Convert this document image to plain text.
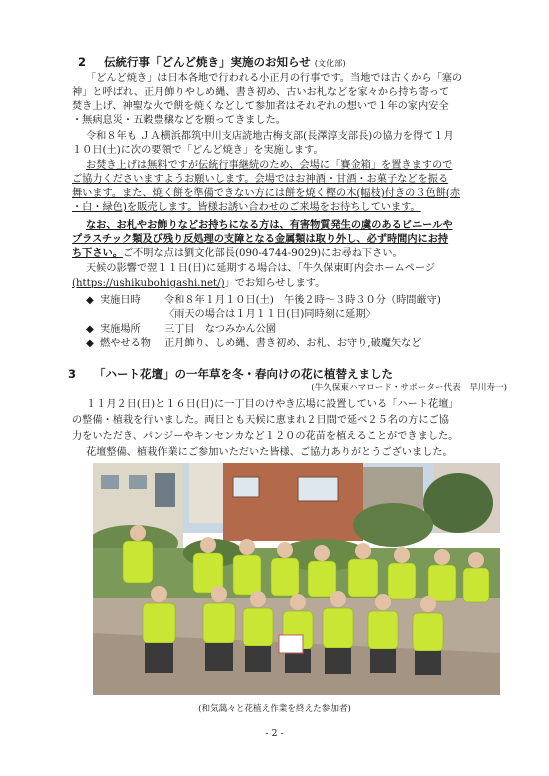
2 伝統行事「どんど焼き」実施のお知らせ (文化部)
「どんど焼き」は日本各地で行われる小正月の行事です。当地では古くから「塞の
神」と呼ばれ、正月飾りやしめ縄、書き初め、古いお札などを家々から持ち寄って
焚き上げ、神聖な火で餅を焼くなどして参加者はそれぞれの想いで１年の家内安全
・無病息災・五穀豊穣などを願ってきました。
令和８年も ＪＡ横浜都筑中川支店読地古梅支部(長澤淳支部長)の協力を得て１月
１０日(土)に次の要領で「どんど焼き」を実施します。
お焚き上げは無料ですが伝統行事継続のため、会場に「賽金箱」を置きますので
ご協力くださいますようお願いします。会場ではお神酒・甘酒・お菓子などを振る
舞います。また、焼く餅を準備できない方には餅を焼く樫の木(幅枝)付きの３色餅(赤
・白・緑色)を販売します。皆様お誘い合わせのご来場をお待ちしています。
なお、お札やお飾りなどお持ちになる方は、有害物質発生の虞のあるビニールや
プラスチック類及び残り反処理の支障となる金属類は取り外し、必ず時間内にお持
ち下さい。ご不明な点は劉文化部長(090-4744-9029)にお尋ね下さい。
天候の影響で翌１１日(日)に延期する場合は、「牛久保東町内会ホームページ
(https://ushikubohigashi.net/)」でお知らせします。
◆ 実施日時 令和８年１月１０日(土)　午後２時～３時３０分（時間厳守)
〈雨天の場合は１月１１日(日)同時刻に延期〉
◆ 実施場所 三丁目　なつみかん公園
◆ 燃やせる物 正月飾り、しめ縄、書き初め、お札、お守り,破魔矢など
3 「ハート花壇」の一年草を冬・春向けの花に植替えました
(牛久保東ハマロード・サポーター代表　早川寿一)
１１月２日(日)と１６日(日)に一丁目のけやき広場に設置している「ハート花壇」
の整備・植栽を行いました。両日とも天候に恵まれ２日間で延べ２５名の方にご協
力をいただき、パンジーやキンセンカなど１２０の花苗を植えることができました。
花壇整備、植栽作業にご参加いただいた皆様、ご協力ありがとうございました。
(和気藹々と花植え作業を終えた参加者)
- 2 -
